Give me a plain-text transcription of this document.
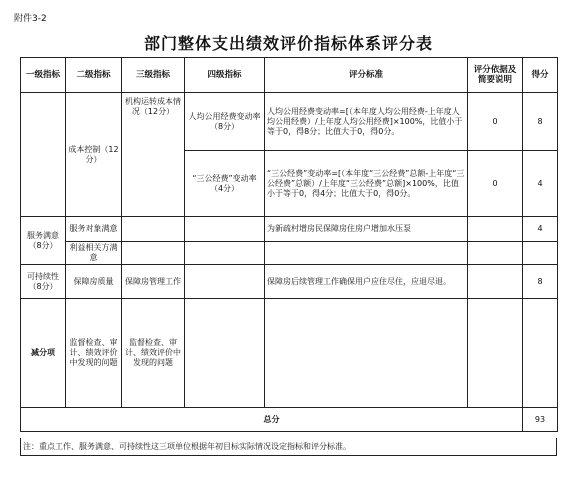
附件3-2
部门整体支出绩效评价指标体系评分表
一级指标	二级指标	三级指标	四级指标	评分标准	评分依据及简要说明	得分
	成本控制（12分）	机构运转成本情况（12分）	人均公用经费变动率（8分）	人均公用经费变动率=[（本年度人均公用经费-上年度人均公用经费）/上年度人均公用经费]×100%，比值小于等于0，得8分；比值大于0，得0分。	0	8
			“三公经费”变动率（4分）	“三公经费”变动率=[（本年度“三公经费”总额-上年度“三公经费”总额）/上年度“三公经费”总额]×100%，比值小于等于0，得4分；比值大于0，得0分。	0	4
服务满意（8分）	服务对象满意			为新疏村增房民保障房住房户增加水压泵		4
	利益相关方满意					
可持续性（8分）	保障房质量	保障房管理工作		保障房后续管理工作确保用户应住尽住，应退尽退。		8
减分项	监督检查、审计、绩效评价中发现的问题	监督检查、审计、绩效评价中发现的问题				
总分						93
注：重点工作、服务满意、可持续性这三项单位根据年初目标实际情况设定指标和评分标准。
